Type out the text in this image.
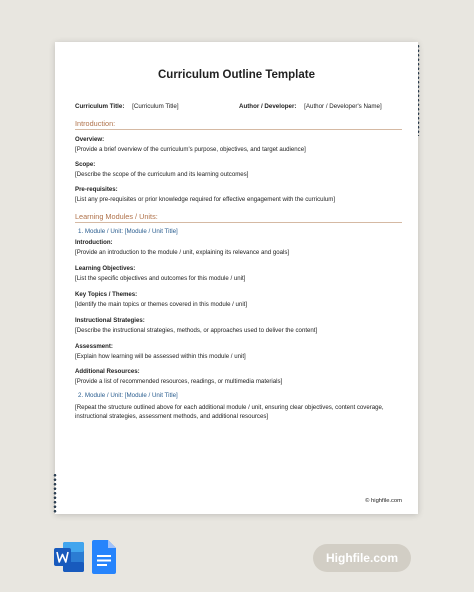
Curriculum Outline Template
Curriculum Title: [Curriculum Title]	Author / Developer: [Author / Developer's Name]
Introduction:
Overview:
[Provide a brief overview of the curriculum's purpose, objectives, and target audience]
Scope:
[Describe the scope of the curriculum and its learning outcomes]
Pre-requisites:
[List any pre-requisites or prior knowledge required for effective engagement with the curriculum]
Learning Modules / Units:
1. Module / Unit: [Module / Unit Title]
Introduction:
[Provide an introduction to the module / unit, explaining its relevance and goals]
Learning Objectives:
[List the specific objectives and outcomes for this module / unit]
Key Topics / Themes:
[Identify the main topics or themes covered in this module / unit]
Instructional Strategies:
[Describe the instructional strategies, methods, or approaches used to deliver the content]
Assessment:
[Explain how learning will be assessed within this module / unit]
Additional Resources:
[Provide a list of recommended resources, readings, or multimedia materials]
2. Module / Unit: [Module / Unit Title]
[Repeat the structure outlined above for each additional module / unit, ensuring clear objectives, content coverage, instructional strategies, assessment methods, and additional resources]
© highfile.com
Highfile.com
